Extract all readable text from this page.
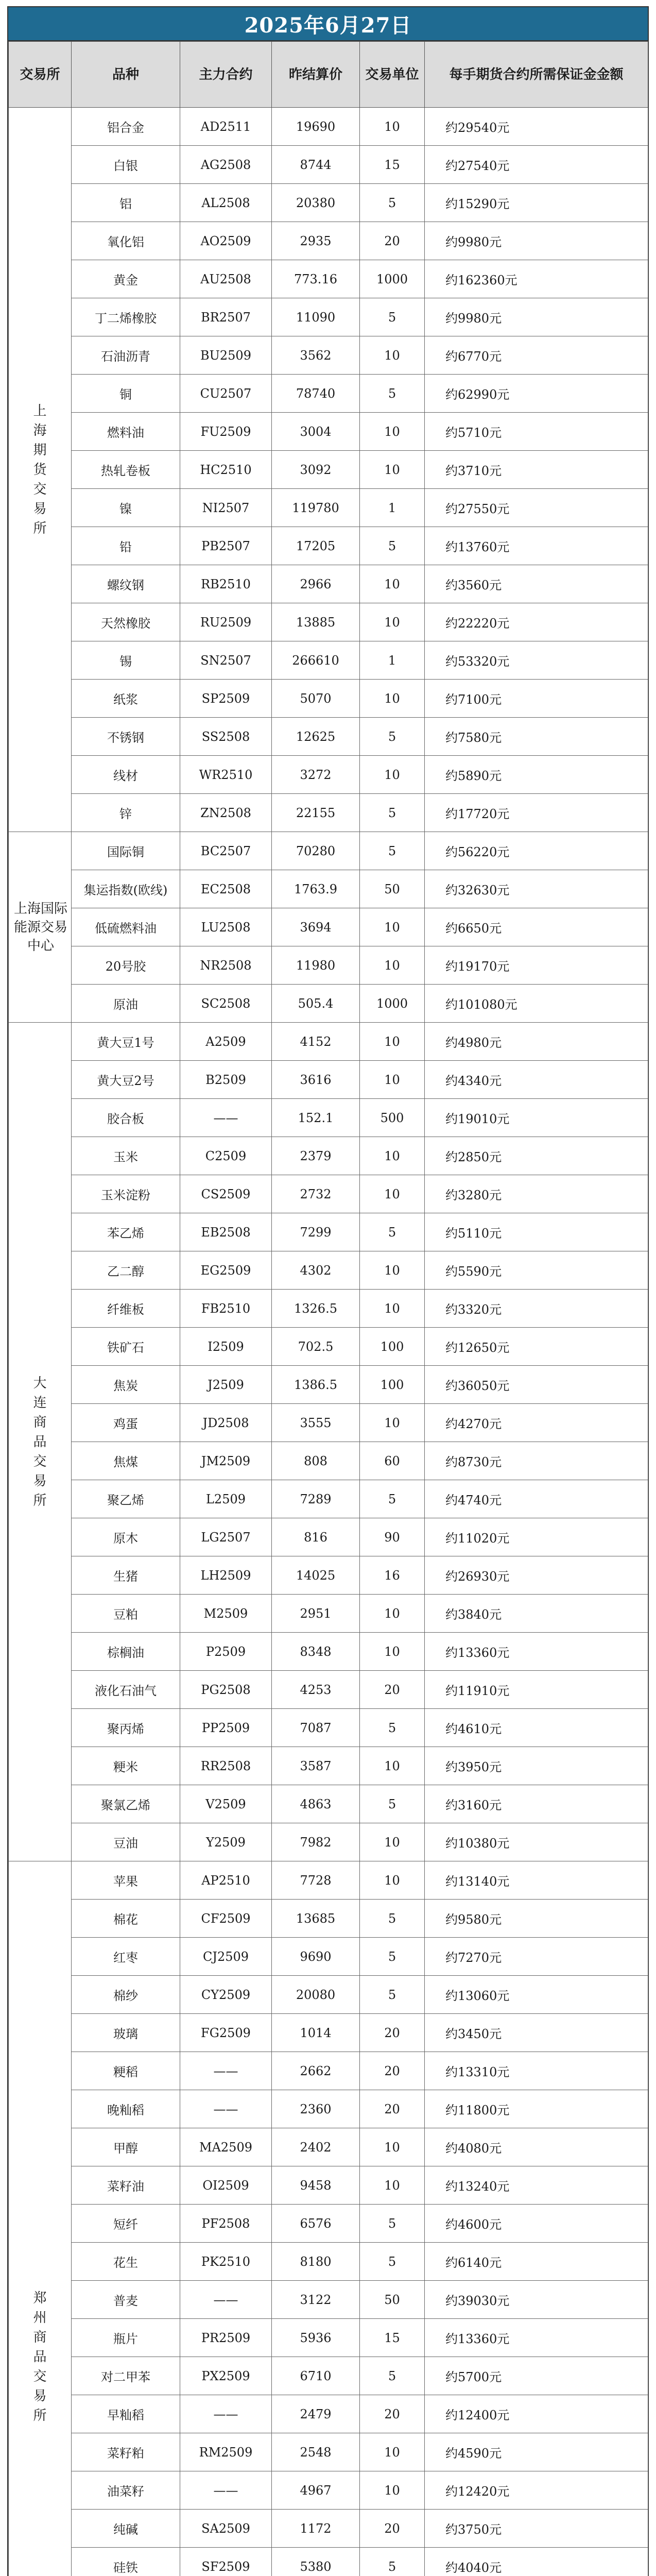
2025年6月27日
交易所	品种	主力合约	昨结算价	交易单位	每手期货合约所需保证金金额

上海期货交易所	铝合金	AD2511	19690	10	约29540元
	白银	AG2508	8744	15	约27540元
	铝	AL2508	20380	5	约15290元
	氧化铝	AO2509	2935	20	约9980元
	黄金	AU2508	773.16	1000	约162360元
	丁二烯橡胶	BR2507	11090	5	约9980元
	石油沥青	BU2509	3562	10	约6770元
	铜	CU2507	78740	5	约62990元
	燃料油	FU2509	3004	10	约5710元
	热轧卷板	HC2510	3092	10	约3710元
	镍	NI2507	119780	1	约27550元
	铅	PB2507	17205	5	约13760元
	螺纹钢	RB2510	2966	10	约3560元
	天然橡胶	RU2509	13885	10	约22220元
	锡	SN2507	266610	1	约53320元
	纸浆	SP2509	5070	10	约7100元
	不锈钢	SS2508	12625	5	约7580元
	线材	WR2510	3272	10	约5890元
	锌	ZN2508	22155	5	约17720元

上海国际能源交易中心	国际铜	BC2507	70280	5	约56220元
	集运指数(欧线)	EC2508	1763.9	50	约32630元
	低硫燃料油	LU2508	3694	10	约6650元
	20号胶	NR2508	11980	10	约19170元
	原油	SC2508	505.4	1000	约101080元

大连商品交易所	黄大豆1号	A2509	4152	10	约4980元
	黄大豆2号	B2509	3616	10	约4340元
	胶合板	——	152.1	500	约19010元
	玉米	C2509	2379	10	约2850元
	玉米淀粉	CS2509	2732	10	约3280元
	苯乙烯	EB2508	7299	5	约5110元
	乙二醇	EG2509	4302	10	约5590元
	纤维板	FB2510	1326.5	10	约3320元
	铁矿石	I2509	702.5	100	约12650元
	焦炭	J2509	1386.5	100	约36050元
	鸡蛋	JD2508	3555	10	约4270元
	焦煤	JM2509	808	60	约8730元
	聚乙烯	L2509	7289	5	约4740元
	原木	LG2507	816	90	约11020元
	生猪	LH2509	14025	16	约26930元
	豆粕	M2509	2951	10	约3840元
	棕榈油	P2509	8348	10	约13360元
	液化石油气	PG2508	4253	20	约11910元
	聚丙烯	PP2509	7087	5	约4610元
	粳米	RR2508	3587	10	约3950元
	聚氯乙烯	V2509	4863	5	约3160元
	豆油	Y2509	7982	10	约10380元

郑州商品交易所	苹果	AP2510	7728	10	约13140元
	棉花	CF2509	13685	5	约9580元
	红枣	CJ2509	9690	5	约7270元
	棉纱	CY2509	20080	5	约13060元
	玻璃	FG2509	1014	20	约3450元
	粳稻	——	2662	20	约13310元
	晚籼稻	——	2360	20	约11800元
	甲醇	MA2509	2402	10	约4080元
	菜籽油	OI2509	9458	10	约13240元
	短纤	PF2508	6576	5	约4600元
	花生	PK2510	8180	5	约6140元
	普麦	——	3122	50	约39030元
	瓶片	PR2509	5936	15	约13360元
	对二甲苯	PX2509	6710	5	约5700元
	早籼稻	——	2479	20	约12400元
	菜籽粕	RM2509	2548	10	约4590元
	油菜籽	——	4967	10	约12420元
	纯碱	SA2509	1172	20	约3750元
	硅铁	SF2509	5380	5	约4040元
